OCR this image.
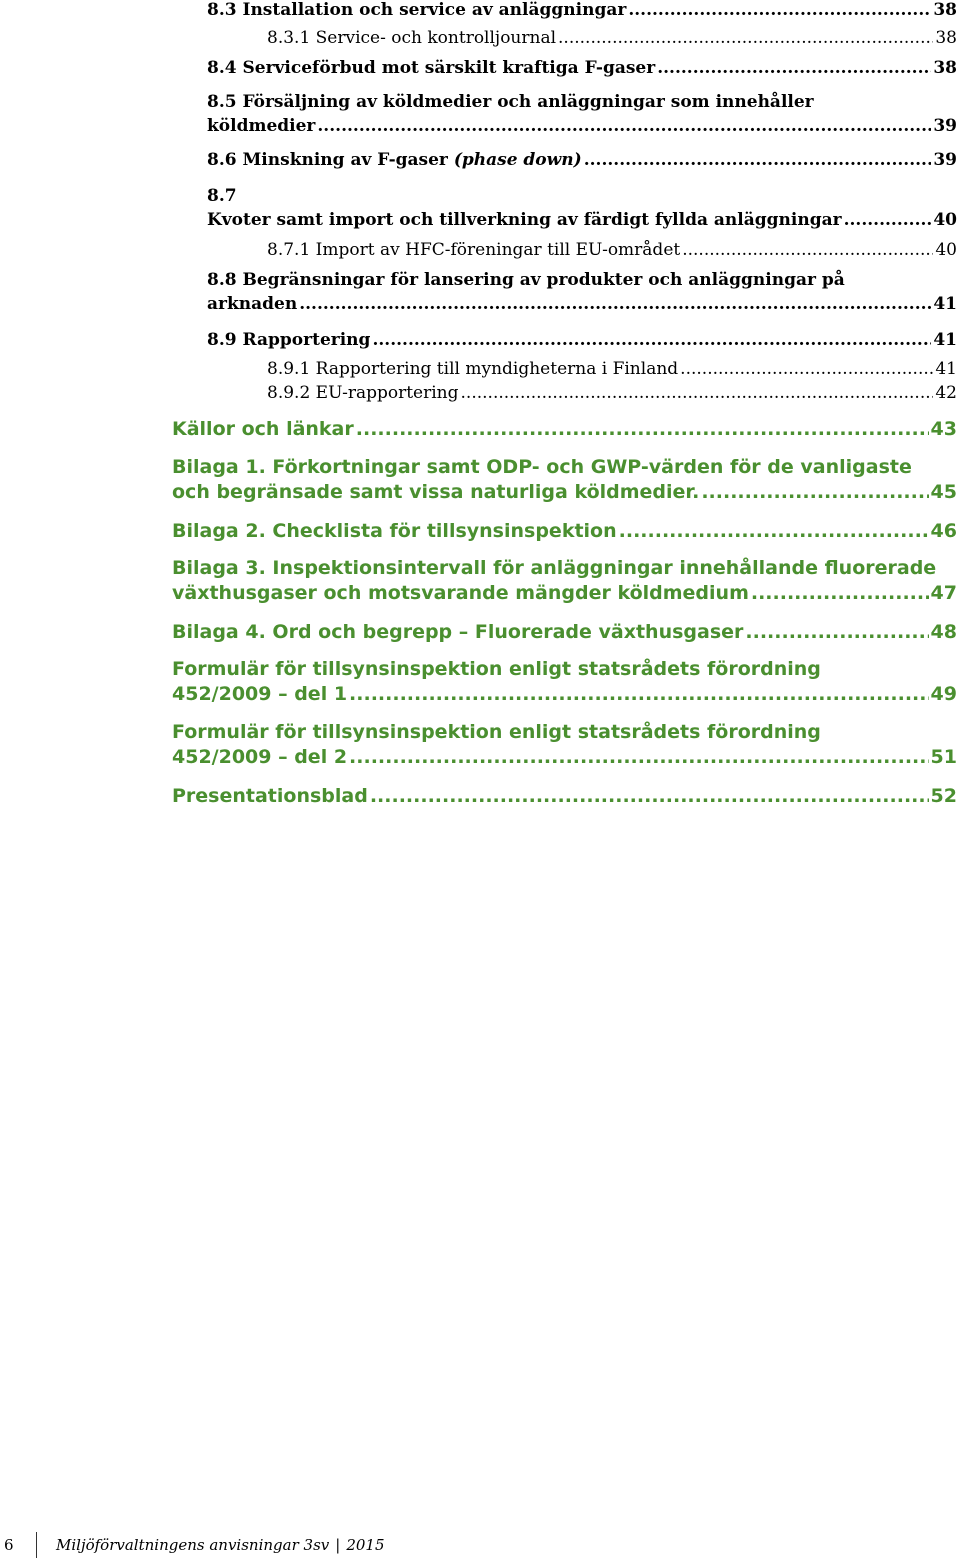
8.3 Installation och service av anläggningar .....	38
8.3.1 Service- och kontrolljournal .....	38
8.4 Serviceförbud mot särskilt kraftiga F-gaser .....	38
8.5 Försäljning av köldmedier och anläggningar som innehåller
köldmedier .....	39
8.6 Minskning av F-gaser (phase down) .....	39
8.7
Kvoter samt import och tillverkning av färdigt fyllda anläggningar .....	40
8.7.1 Import av HFC-föreningar till EU-området .....	40
8.8 Begränsningar för lansering av produkter och anläggningar på
arknaden .....	41
8.9 Rapportering .....	41
8.9.1 Rapportering till myndigheterna i Finland .....	41
8.9.2 EU-rapportering .....	42
Källor och länkar .....	43
Bilaga 1. Förkortningar samt ODP- och GWP-värden för de vanligaste
och begränsade samt vissa naturliga köldmedier. .....	45
Bilaga 2. Checklista för tillsynsinspektion .....	46
Bilaga 3. Inspektionsintervall för anläggningar innehållande fluorerade
växthusgaser och motsvarande mängder köldmedium .....	47
Bilaga 4. Ord och begrepp – Fluorerade växthusgaser .....	48
Formulär för tillsynsinspektion enligt statsrådets förordning
452/2009 – del 1 .....	49
Formulär för tillsynsinspektion enligt statsrådets förordning
452/2009 – del 2 .....	51
Presentationsblad .....	52
6	Miljöförvaltningens anvisningar 3sv | 2015
